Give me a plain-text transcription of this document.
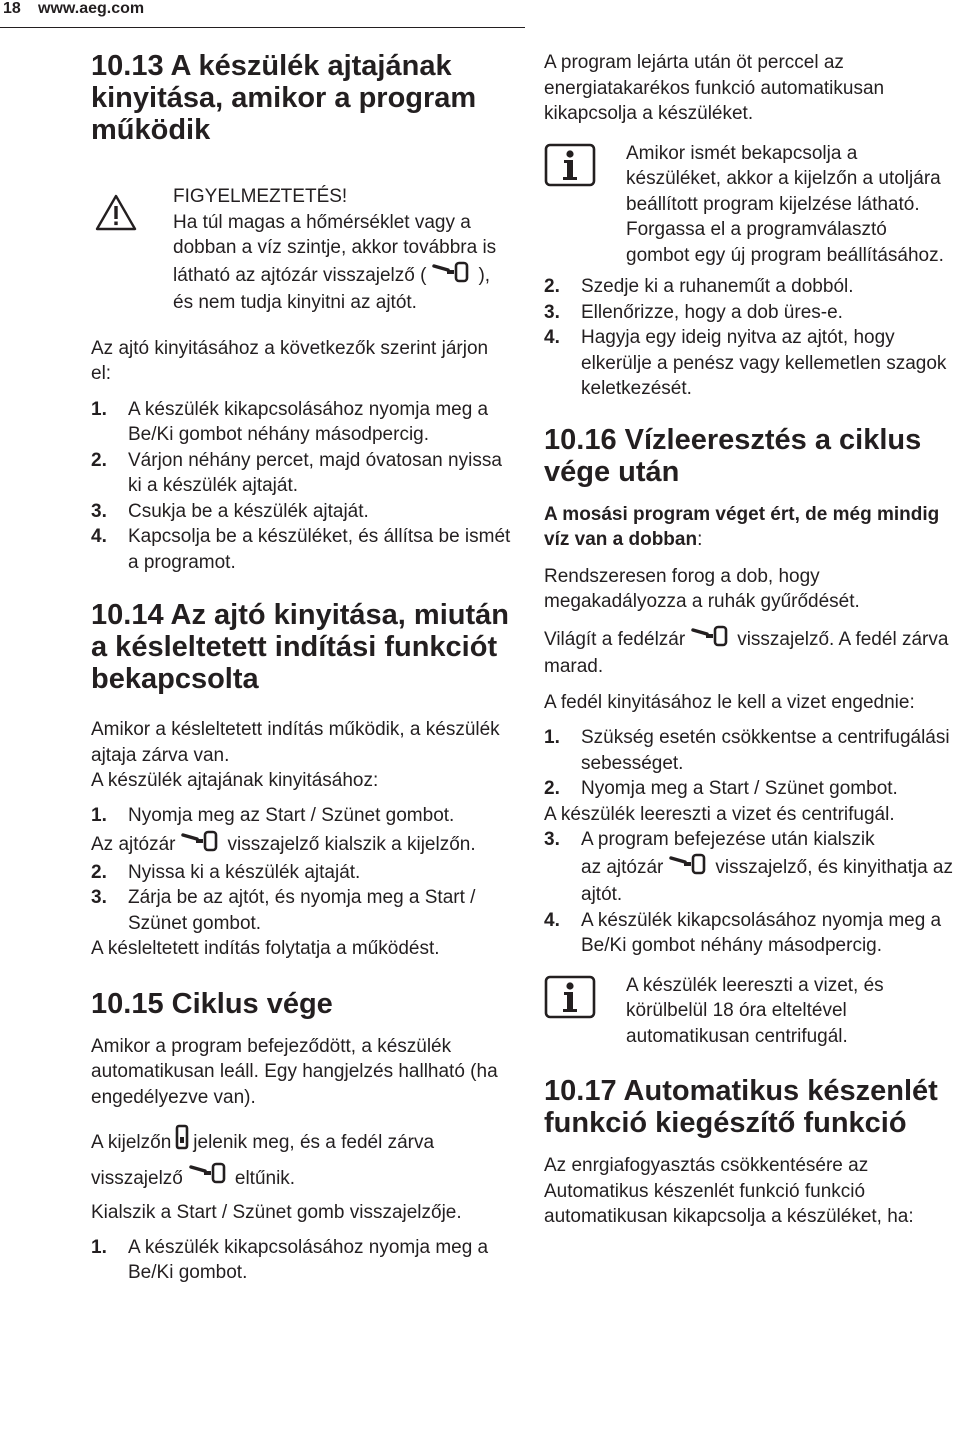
18 www.aeg.com
10.13 A készülék ajtajának kinyitása, amikor a program működik
FIGYELMEZTETÉS!
Ha túl magas a hőmérséklet vagy a dobban a víz szintje, akkor továbbra is látható az ajtózár visszajelző (	), és nem tudja kinyitni az ajtót.

Az ajtó kinyitásához a következők szerint járjon el:

1. A készülék kikapcsolásához nyomja meg a Be/Ki gombot néhány másodpercig.
2. Várjon néhány percet, majd óvatosan nyissa ki a készülék ajtaját.
3. Csukja be a készülék ajtaját.
4. Kapcsolja be a készüléket, és állítsa be ismét a programot.
10.14 Az ajtó kinyitása, miután a késleltetett indítási funkciót bekapcsolta

Amikor a késleltetett indítás működik, a készülék ajtaja zárva van.

A készülék ajtajának kinyitásához:

1. Nyomja meg az Start / Szünet gombot.

Az ajtózár	visszajelző kialszik a kijelzőn.

2. Nyissa ki a készülék ajtaját.
3. Zárja be az ajtót, és nyomja meg a Start / Szünet gombot.

A késleltetett indítás folytatja a működést.

10.15 Ciklus vége

Amikor a program befejeződött, a készülék automatikusan leáll. Egy hangjelzés hallható (ha engedélyezve van).

A kijelzőn jelenik meg, és a fedél zárva visszajelző	eltűnik.

Kialszik a Start / Szünet gomb visszajelzője.

1. A készülék kikapcsolásához nyomja meg a Be/Ki gombot.

A program lejárta után öt perccel az energiatakarékos funkció automatikusan kikapcsolja a készüléket.

Amikor ismét bekapcsolja a készüléket, akkor a kijelzőn a utoljára beállított program kijelzése látható. Forgassa el a programválasztó gombot egy új program beállításához.
2. Szedje ki a ruhaneműt a dobból.
3. Ellenőrizze, hogy a dob üres-e.
4. Hagyja egy ideig nyitva az ajtót, hogy elkerülje a penész vagy kellemetlen szagok keletkezését.
10.16 Vízleeresztés a ciklus vége után

A mosási program véget ért, de még mindig víz van a dobban:

Rendszeresen forog a dob, hogy megakadályozza a ruhák gyűrődését.

Világít a fedélzár	visszajelző. A fedél zárva marad.

A fedél kinyitásához le kell a vizet engednie:

1. Szükség esetén csökkentse a centrifugálási sebességet.
2. Nyomja meg a Start / Szünet gombot.

A készülék leereszti a vizet és centrifugál.

3. A program befejezése után kialszik
az ajtózár	visszajelző, és kinyithatja az ajtót.
4. A készülék kikapcsolásához nyomja meg a Be/Ki gombot néhány másodpercig.
A készülék leereszti a vizet, és körülbelül 18 óra elteltével automatikusan centrifugál.
10.17 Automatikus készenlét funkció kiegészítő funkció

Az enrgiafogyasztás csökkentésére az Automatikus készenlét funkció funkció automatikusan kikapcsolja a készüléket, ha:
